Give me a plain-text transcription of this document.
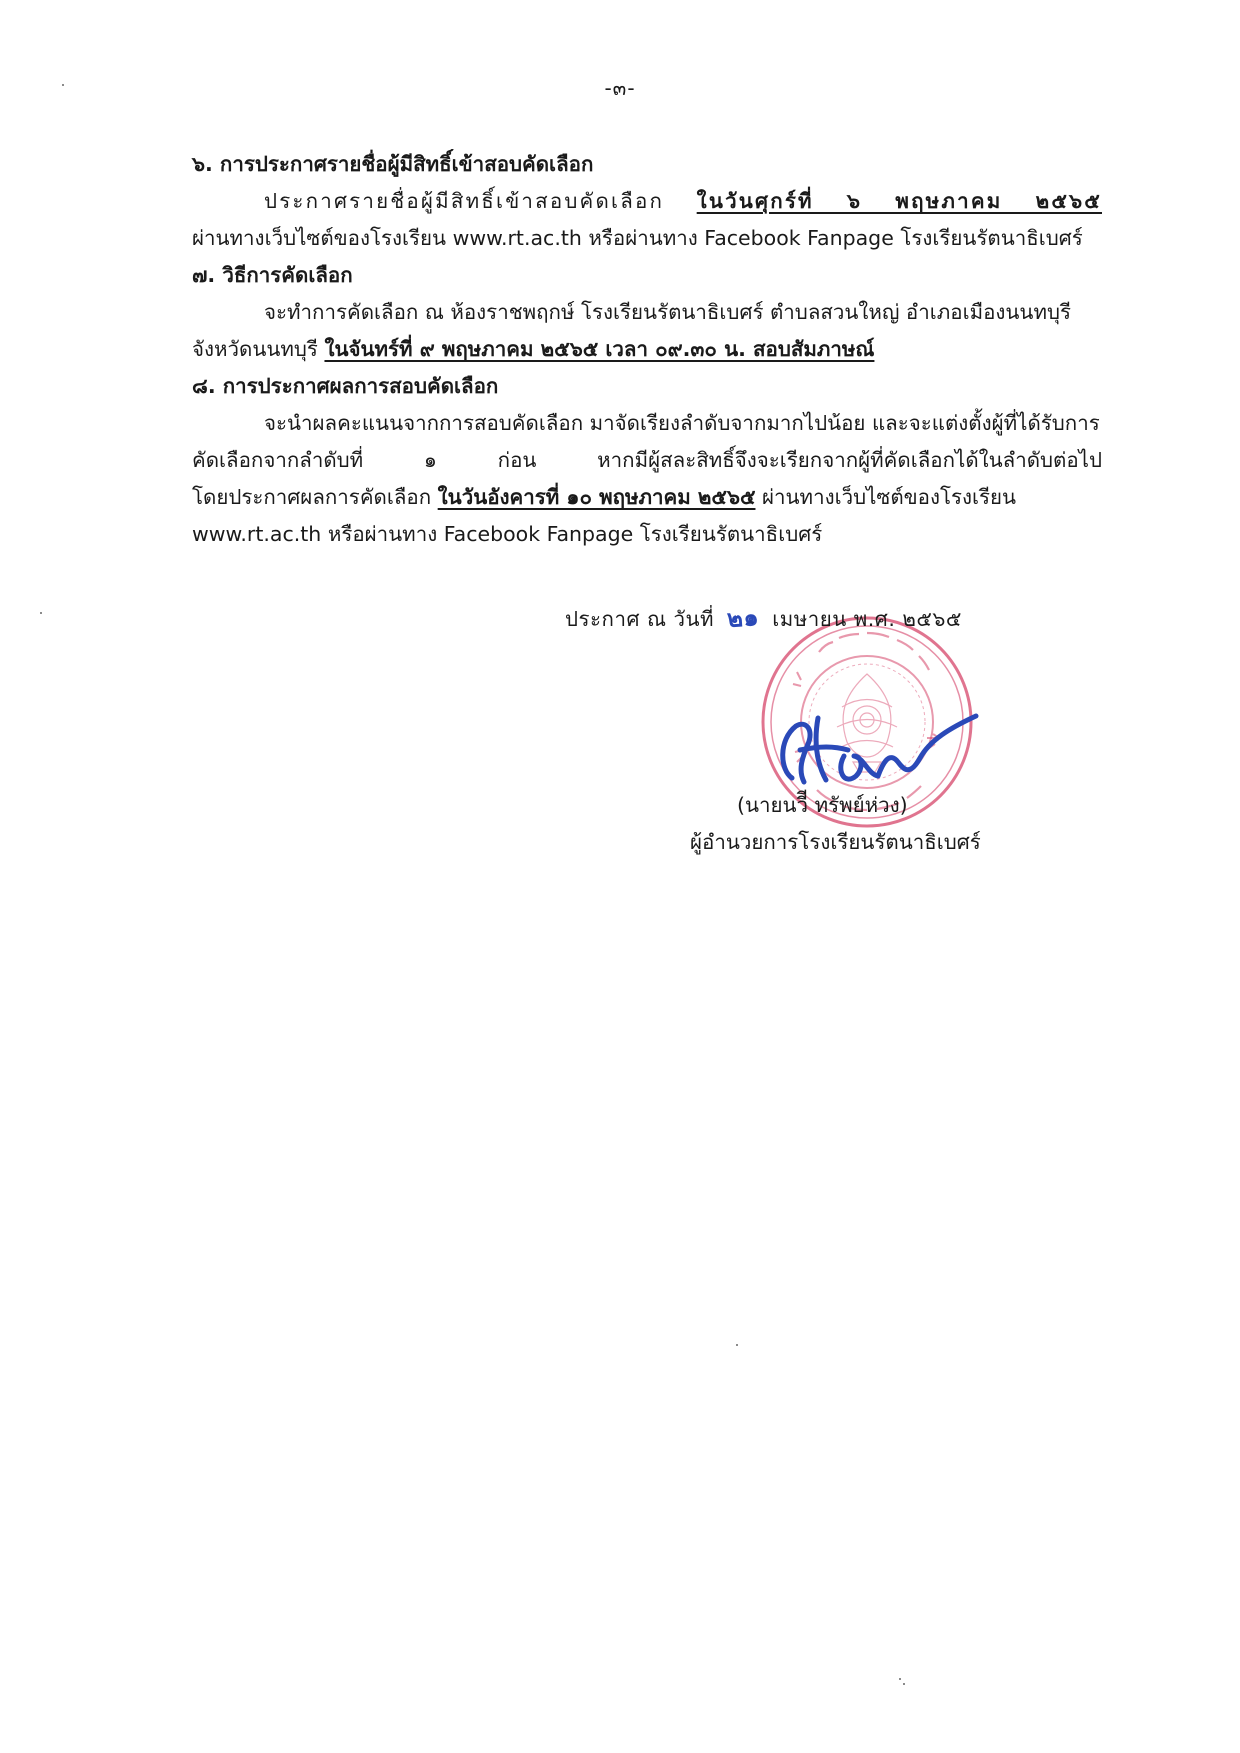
-๓-
๖. การประกาศรายชื่อผู้มีสิทธิ์เข้าสอบคัดเลือก
ประกาศรายชื่อผู้มีสิทธิ์เข้าสอบคัดเลือก ในวันศุกร์ที่ ๖ พฤษภาคม ๒๕๖๕
ผ่านทางเว็บไซต์ของโรงเรียน www.rt.ac.th หรือผ่านทาง Facebook Fanpage โรงเรียนรัตนาธิเบศร์
๗. วิธีการคัดเลือก
จะทำการคัดเลือก ณ ห้องราชพฤกษ์ โรงเรียนรัตนาธิเบศร์ ตำบลสวนใหญ่ อำเภอเมืองนนทบุรี
จังหวัดนนทบุรี ในจันทร์ที่ ๙ พฤษภาคม ๒๕๖๕ เวลา ๐๙.๓๐ น. สอบสัมภาษณ์
๘. การประกาศผลการสอบคัดเลือก
จะนำผลคะแนนจากการสอบคัดเลือก มาจัดเรียงลำดับจากมากไปน้อย และจะแต่งตั้งผู้ที่ได้รับการ
คัดเลือกจากลำดับที่ ๑ ก่อน หากมีผู้สละสิทธิ์จึงจะเรียกจากผู้ที่คัดเลือกได้ในลำดับต่อไป
โดยประกาศผลการคัดเลือก ในวันอังคารที่ ๑๐ พฤษภาคม ๒๕๖๕ ผ่านทางเว็บไซต์ของโรงเรียน
www.rt.ac.th หรือผ่านทาง Facebook Fanpage โรงเรียนรัตนาธิเบศร์
ประกาศ ณ วันที่ ๒๑ เมษายน พ.ศ. ๒๕๖๕
(นายนวีี ทรัพย์ห่วง)
ผู้อำนวยการโรงเรียนรัตนาธิเบศร์
